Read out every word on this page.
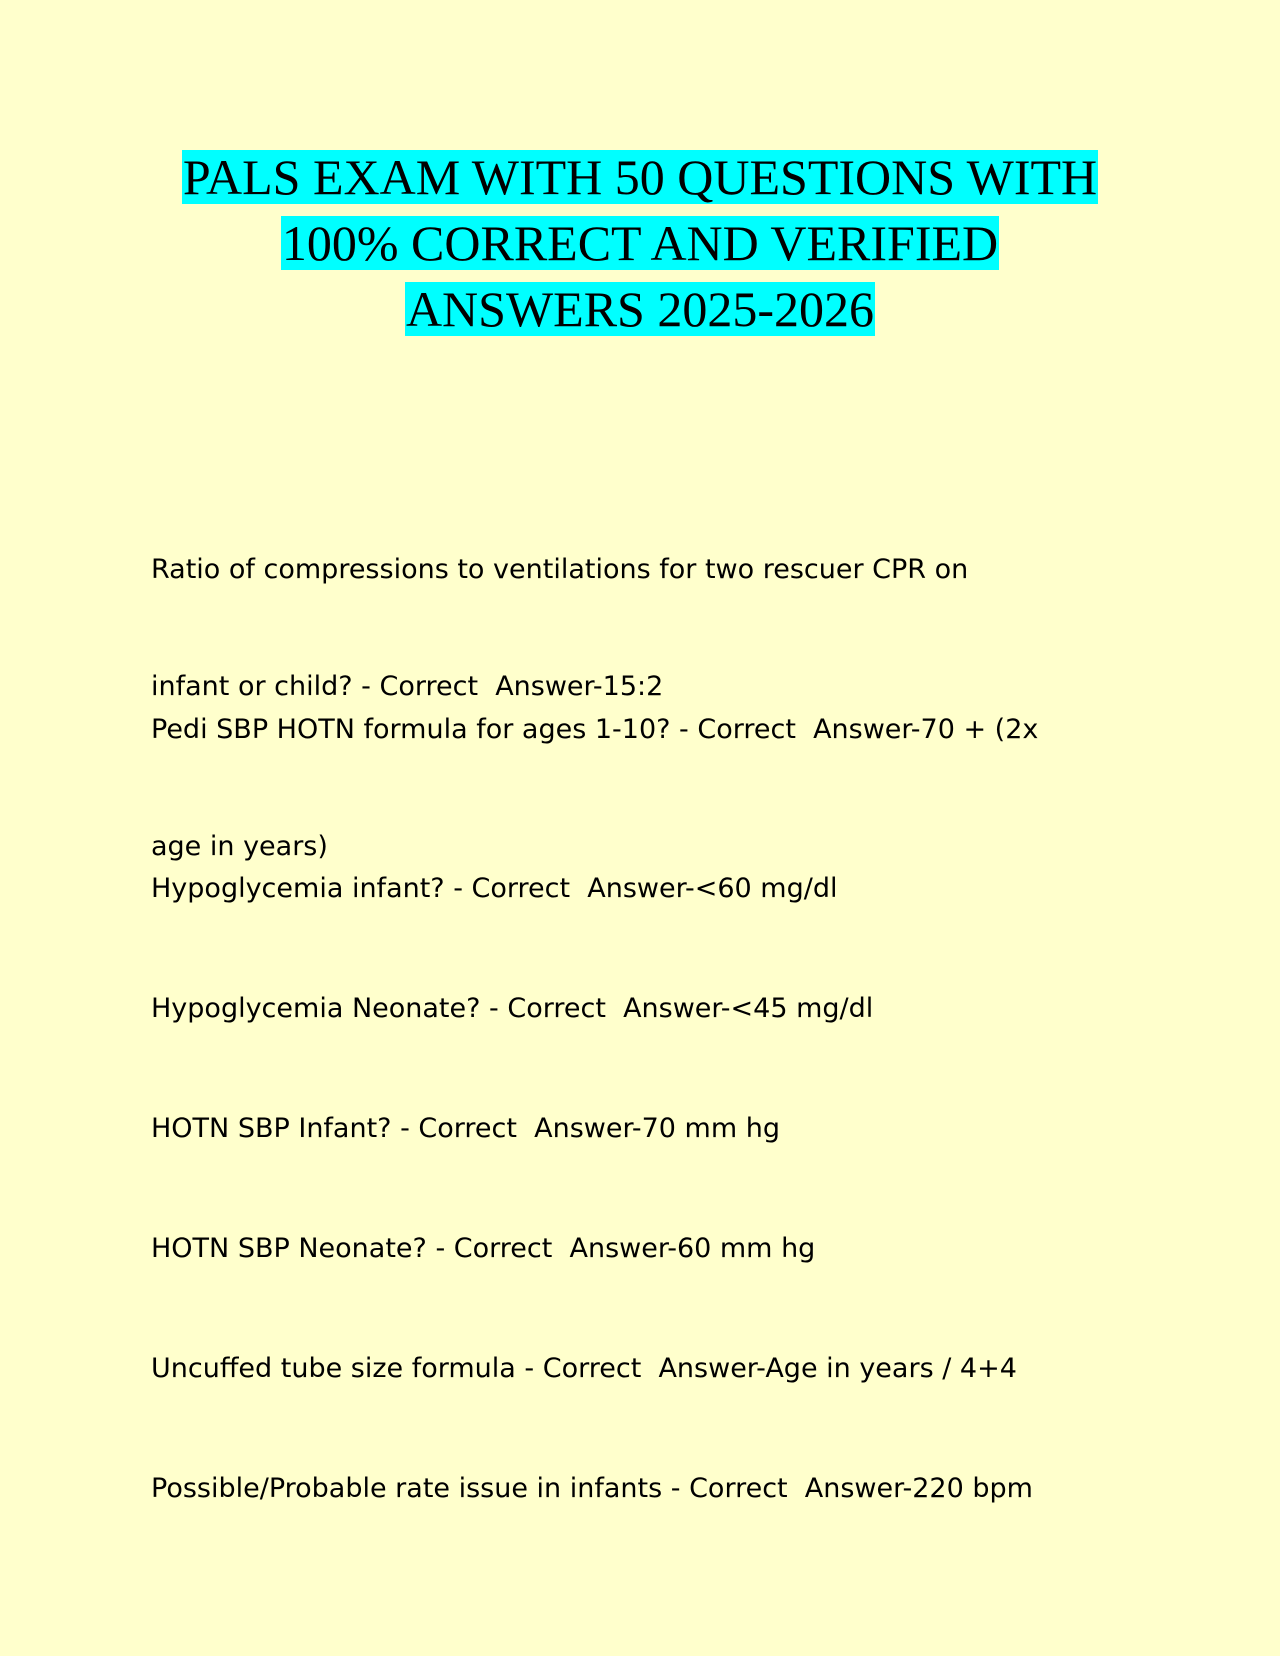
PALS EXAM WITH 50 QUESTIONS WITH
100% CORRECT AND VERIFIED
ANSWERS 2025-2026

Ratio of compressions to ventilations for two rescuer CPR on

infant or child? - Correct  Answer-15:2

Pedi SBP HOTN formula for ages 1-10? - Correct  Answer-70 + (2x

age in years)

Hypoglycemia infant? - Correct  Answer-<60 mg/dl

Hypoglycemia Neonate? - Correct  Answer-<45 mg/dl

HOTN SBP Infant? - Correct  Answer-70 mm hg

HOTN SBP Neonate? - Correct  Answer-60 mm hg

Uncuffed tube size formula - Correct  Answer-Age in years / 4+4

Possible/Probable rate issue in infants - Correct  Answer-220 bpm
